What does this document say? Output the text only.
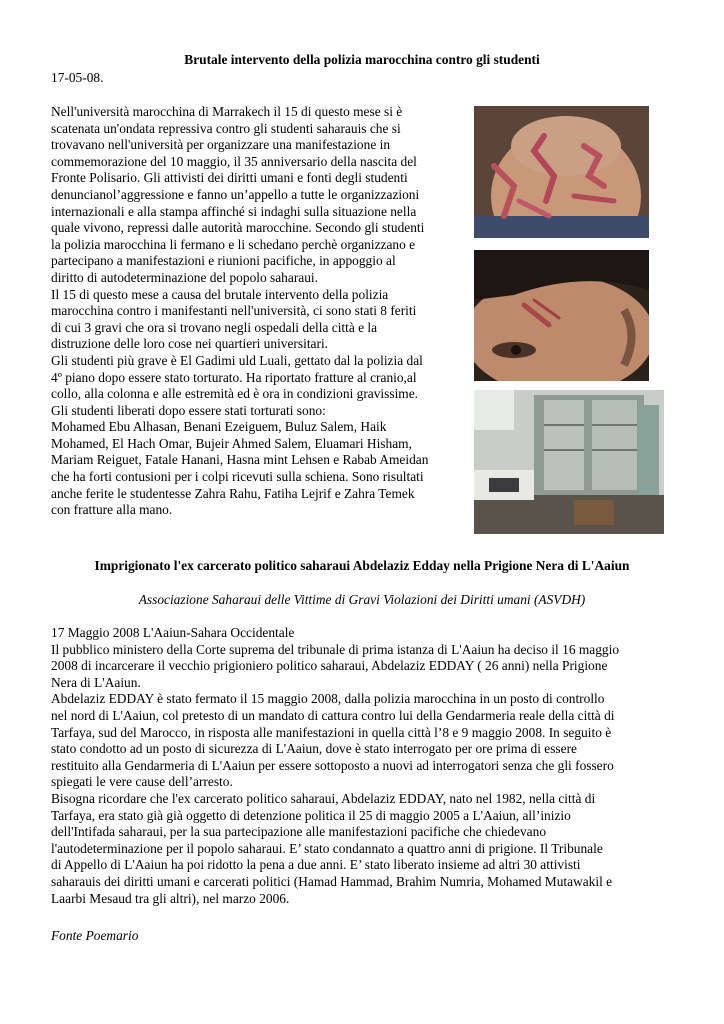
Brutale intervento della polizia marocchina contro gli studenti
17-05-08.
Nell'università marocchina di Marrakech il 15 di questo mese si è
scatenata un'ondata repressiva contro gli studenti saharauis che si
trovavano nell'università per organizzare una manifestazione in
commemorazione del 10 maggio, il 35 anniversario della nascita del
Fronte Polisario. Gli attivisti dei diritti umani e fonti degli studenti
denuncianol’aggressione e fanno un’appello a tutte le organizzazioni
internazionali e alla stampa affinché si indaghi sulla situazione nella
quale vivono, repressi dalle autorità marocchine. Secondo gli studenti
la polizia marocchina li fermano e li schedano perchè organizzano e
partecipano a manifestazioni e riunioni pacifiche, in appoggio al
diritto di autodeterminazione del popolo saharaui.
Il 15 di questo mese a causa del brutale intervento della polizia
marocchina contro i manifestanti nell'università, ci sono stati 8 feriti
di cui 3 gravi che ora si trovano negli ospedali della città e la
distruzione delle loro cose nei quartieri universitari.
Gli studenti più grave è El Gadimi uld Luali, gettato dal la polizia dal
4º piano dopo essere stato torturato. Ha riportato fratture al cranio,al
collo, alla colonna e alle estremità ed è ora in condizioni gravissime.
Gli studenti liberati dopo essere stati torturati sono:
Mohamed Ebu Alhasan, Benani Ezeiguem, Buluz Salem, Haik
Mohamed, El Hach Omar, Bujeir Ahmed Salem, Eluamari Hisham,
Mariam Reiguet, Fatale Hanani, Hasna mint Lehsen e Rabab Ameidan
che ha forti contusioni per i colpi ricevuti sulla schiena. Sono risultati
anche ferite le studentesse Zahra Rahu, Fatiha Lejrif e Zahra Temek
con fratture alla mano.
Imprigionato l'ex carcerato politico saharaui Abdelaziz Edday nella Prigione Nera di L'Aaiun
Associazione Saharaui delle Vittime di Gravi Violazioni dei Diritti umani (ASVDH)
17 Maggio 2008 L'Aaiun-Sahara Occidentale
Il pubblico ministero della Corte suprema del tribunale di prima istanza di L'Aaiun ha deciso il 16 maggio
2008 di incarcerare il vecchio prigioniero politico saharaui, Abdelaziz EDDAY ( 26 anni) nella Prigione
Nera di L'Aaiun.
Abdelaziz EDDAY è stato fermato il 15 maggio 2008, dalla polizia marocchina in un posto di controllo
nel nord di L'Aaiun, col pretesto di un mandato di cattura contro lui della Gendarmeria reale della città di
Tarfaya, sud del Marocco, in risposta alle manifestazioni in quella città l’8 e 9 maggio 2008. In seguito è
stato condotto ad un posto di sicurezza di L'Aaiun, dove è stato interrogato per ore prima di essere
restituito alla Gendarmeria di L'Aaiun per essere sottoposto a nuovi ad interrogatori senza che gli fossero
spiegati le vere cause dell’arresto.
Bisogna ricordare che l'ex carcerato politico saharaui, Abdelaziz EDDAY, nato nel 1982, nella città di
Tarfaya, era stato già già oggetto di detenzione politica il 25 di maggio 2005 a L'Aaiun, all’inizio
dell'Intifada saharaui, per la sua partecipazione alle manifestazioni pacifiche che chiedevano
l'autodeterminazione per il popolo saharaui. E’ stato condannato a quattro anni di prigione. Il Tribunale
di Appello di L'Aaiun ha poi ridotto la pena a due anni. E’ stato liberato insieme ad altri 30 attivisti
saharauis dei diritti umani e carcerati politici (Hamad Hammad, Brahim Numria, Mohamed Mutawakil e
Laarbi Mesaud tra gli altri), nel marzo 2006.
Fonte Poemario
